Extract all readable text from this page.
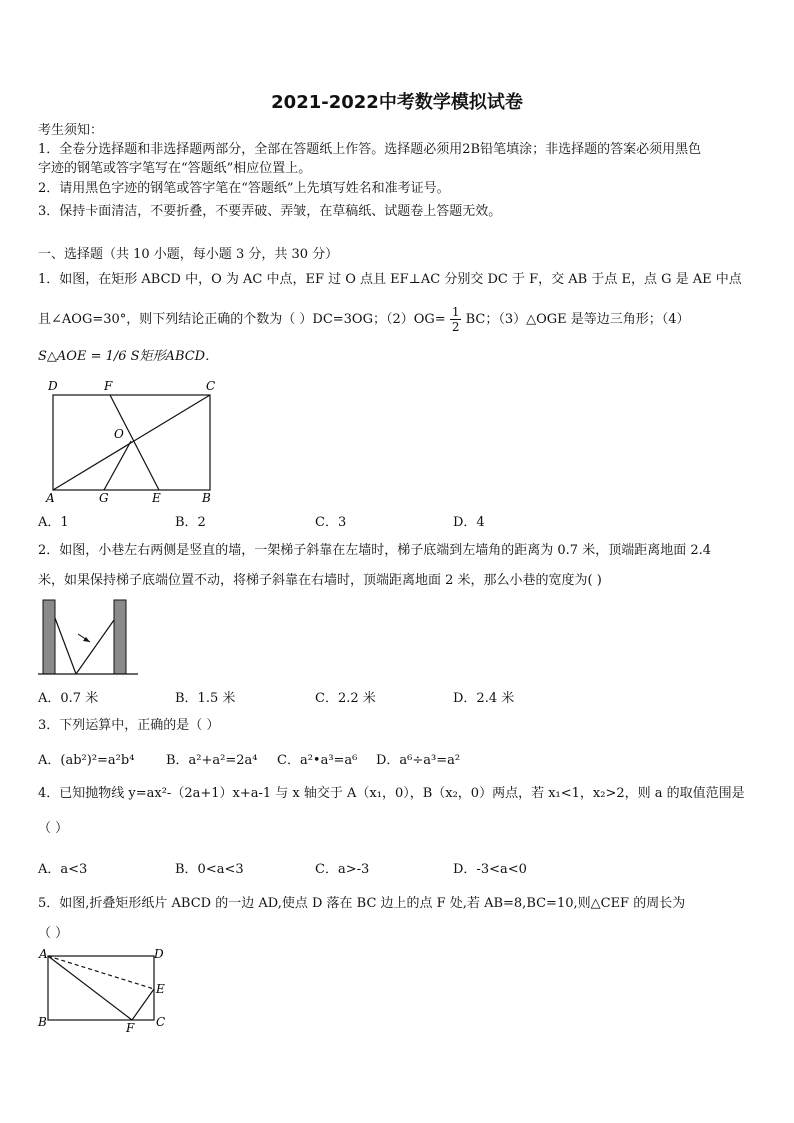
2021-2022中考数学模拟试卷
考生须知：
1．全卷分选择题和非选择题两部分，全部在答题纸上作答。选择题必须用2B铅笔填涂；非选择题的答案必须用黑色
字迹的钢笔或答字笔写在“答题纸”相应位置上。
2．请用黑色字迹的钢笔或答字笔在“答题纸”上先填写姓名和准考证号。
3．保持卡面清洁，不要折叠，不要弄破、弄皱，在草稿纸、试题卷上答题无效。
一、选择题（共 10 小题，每小题 3 分，共 30 分）
1．如图，在矩形 ABCD 中，O 为 AC 中点，EF 过 O 点且 EF⊥AC 分别交 DC 于 F，交 AB 于点 E，点 G 是 AE 中点
且∠AOG=30°，则下列结论正确的个数为（ ）DC=3OG；$(2)OG= \frac{1}{2}$ BC；（3）△OGE 是等边三角形；（4）
S△AOE = 1/6 S矩形ABCD．
D	F	C
O
A	G	E	B
A．1	B．2	C．3	D．4
2．如图，小巷左右两侧是竖直的墙，一架梯子斜靠在左墙时，梯子底端到左墙角的距离为 0.7 米，顶端距离地面 2.4
米，如果保持梯子底端位置不动，将梯子斜靠在右墙时，顶端距离地面 2 米，那么小巷的宽度为( )
A．0.7 米	B．1.5 米	C．2.2 米	D．2.4 米
3．下列运算中，正确的是（ ）
A．(ab²)²=a²b⁴ B．a²+a²=2a⁴ C．a²•a³=a⁶ D．a⁶÷a³=a²
4．已知抛物线 y=ax²-（2a+1）x+a-1 与 x 轴交于 A（x₁，0），B（x₂，0）两点，若 x₁<1，x₂>2，则 a 的取值范围是
（ ）
A．a<3	B．0<a<3	C．a>-3	D．-3<a<0
5．如图,折叠矩形纸片 ABCD 的一边 AD,使点 D 落在 BC 边上的点 F 处,若 AB=8,BC=10,则△CEF 的周长为
（ ）
A	D
E
B	F C
